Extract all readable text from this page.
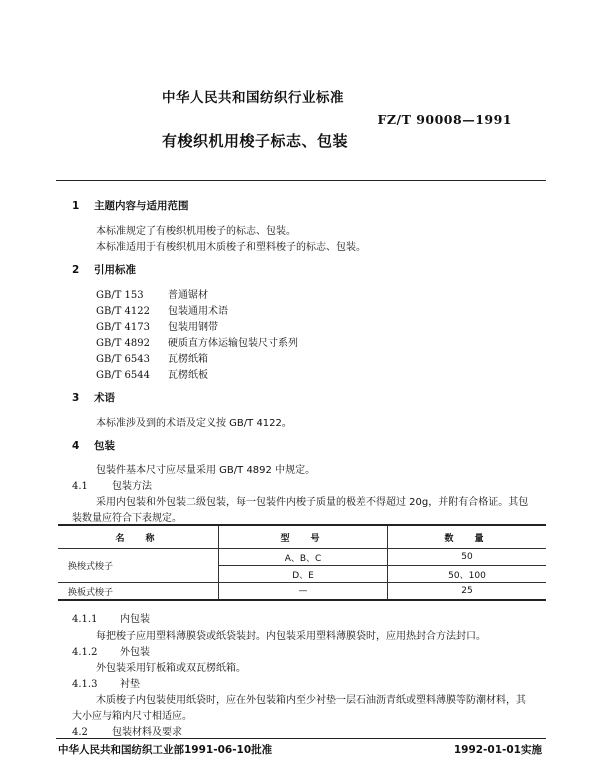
中华人民共和国纺织行业标准
FZ/T 90008—1991
有梭织机用梭子标志、包装
1 主题内容与适用范围
本标准规定了有梭织机用梭子的标志、包装。
本标准适用于有梭织机用木质梭子和塑料梭子的标志、包装。
2 引用标准
GB/T 153 普通锯材
GB/T 4122 包装通用术语
GB/T 4173 包装用钢带
GB/T 4892 硬质直方体运输包装尺寸系列
GB/T 6543 瓦楞纸箱
GB/T 6544 瓦楞纸板
3 术语
本标准涉及到的术语及定义按 GB/T 4122。
4 包装
包装件基本尺寸应尽量采用 GB/T 4892 中规定。
4.1 包装方法
采用内包装和外包装二级包装，每一包装件内梭子质量的极差不得超过 20g，并附有合格证。其包
装数量应符合下表规定。
名　称	型　号	数　量
换梭式梭子	A、B、C	50
	D、E	50、100
换板式梭子	—	25
4.1.1 内包装
每把梭子应用塑料薄膜袋或纸袋装封。内包装采用塑料薄膜袋时，应用热封合方法封口。
4.1.2 外包装
外包装采用钉板箱或双瓦楞纸箱。
4.1.3 衬垫
木质梭子内包装使用纸袋时，应在外包装箱内至少衬垫一层石油沥青纸或塑料薄膜等防潮材料，其
大小应与箱内尺寸相适应。
4.2 包装材料及要求
中华人民共和国纺织工业部1991-06-10批准	1992-01-01实施
